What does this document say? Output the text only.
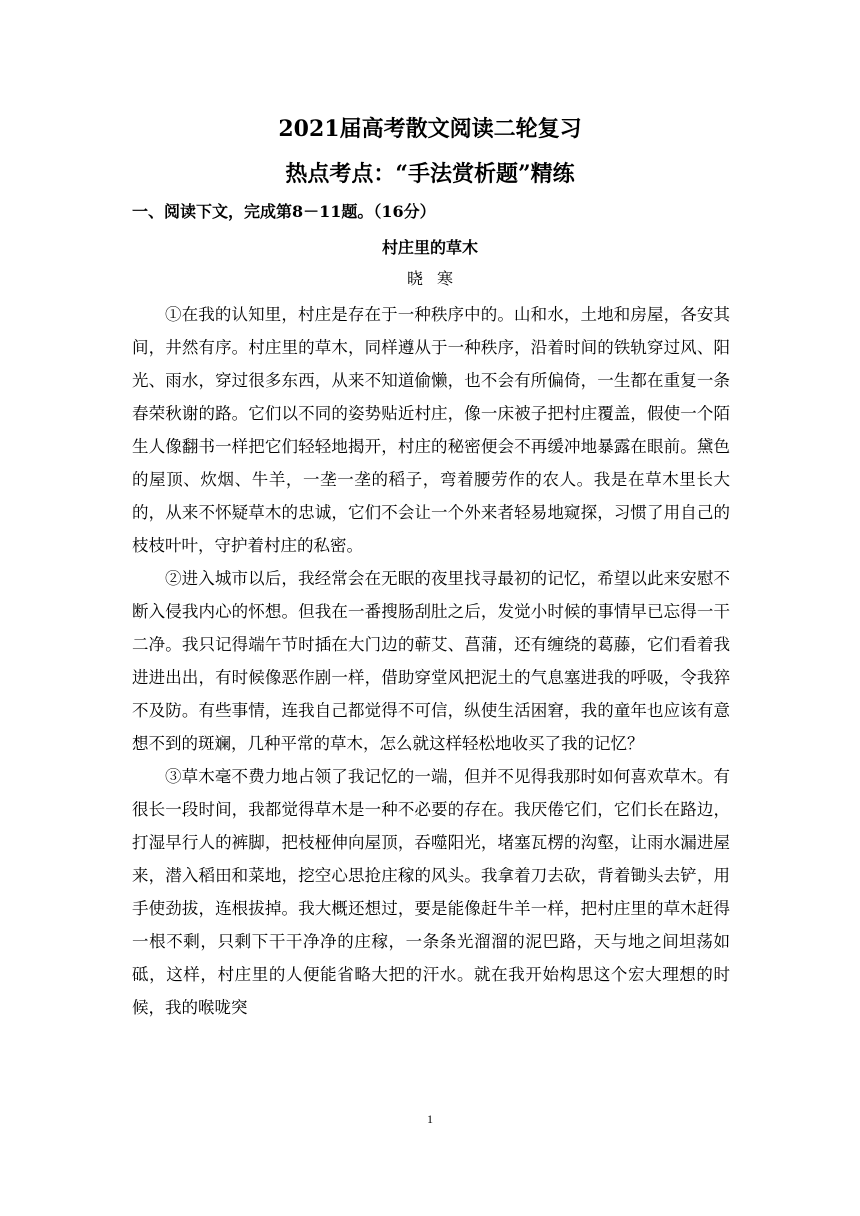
2021届高考散文阅读二轮复习
热点考点：“手法赏析题”精练
一、阅读下文，完成第8－11题。（16分）
村庄里的草木
晓寒

①在我的认知里，村庄是存在于一种秩序中的。山和水，土地和房屋，各安其间，井然有序。村庄里的草木，同样遵从于一种秩序，沿着时间的铁轨穿过风、阳光、雨水，穿过很多东西，从来不知道偷懒，也不会有所偏倚，一生都在重复一条春荣秋谢的路。它们以不同的姿势贴近村庄，像一床被子把村庄覆盖，假使一个陌生人像翻书一样把它们轻轻地揭开，村庄的秘密便会不再缓冲地暴露在眼前。黛色的屋顶、炊烟、牛羊，一垄一垄的稻子，弯着腰劳作的农人。我是在草木里长大的，从来不怀疑草木的忠诚，它们不会让一个外来者轻易地窥探，习惯了用自己的枝枝叶叶，守护着村庄的私密。

②进入城市以后，我经常会在无眠的夜里找寻最初的记忆，希望以此来安慰不断入侵我内心的怀想。但我在一番搜肠刮肚之后，发觉小时候的事情早已忘得一干二净。我只记得端午节时插在大门边的蕲艾、菖蒲，还有缠绕的葛藤，它们看着我进进出出，有时候像恶作剧一样，借助穿堂风把泥土的气息塞进我的呼吸，令我猝不及防。有些事情，连我自己都觉得不可信，纵使生活困窘，我的童年也应该有意想不到的斑斓，几种平常的草木，怎么就这样轻松地收买了我的记忆？

③草木毫不费力地占领了我记忆的一端，但并不见得我那时如何喜欢草木。有很长一段时间，我都觉得草木是一种不必要的存在。我厌倦它们，它们长在路边，打湿早行人的裤脚，把枝桠伸向屋顶，吞噬阳光，堵塞瓦楞的沟壑，让雨水漏进屋来，潜入稻田和菜地，挖空心思抢庄稼的风头。我拿着刀去砍，背着锄头去铲，用手使劲拔，连根拔掉。我大概还想过，要是能像赶牛羊一样，把村庄里的草木赶得一根不剩，只剩下干干净净的庄稼，一条条光溜溜的泥巴路，天与地之间坦荡如砥，这样，村庄里的人便能省略大把的汗水。就在我开始构思这个宏大理想的时候，我的喉咙突

1
